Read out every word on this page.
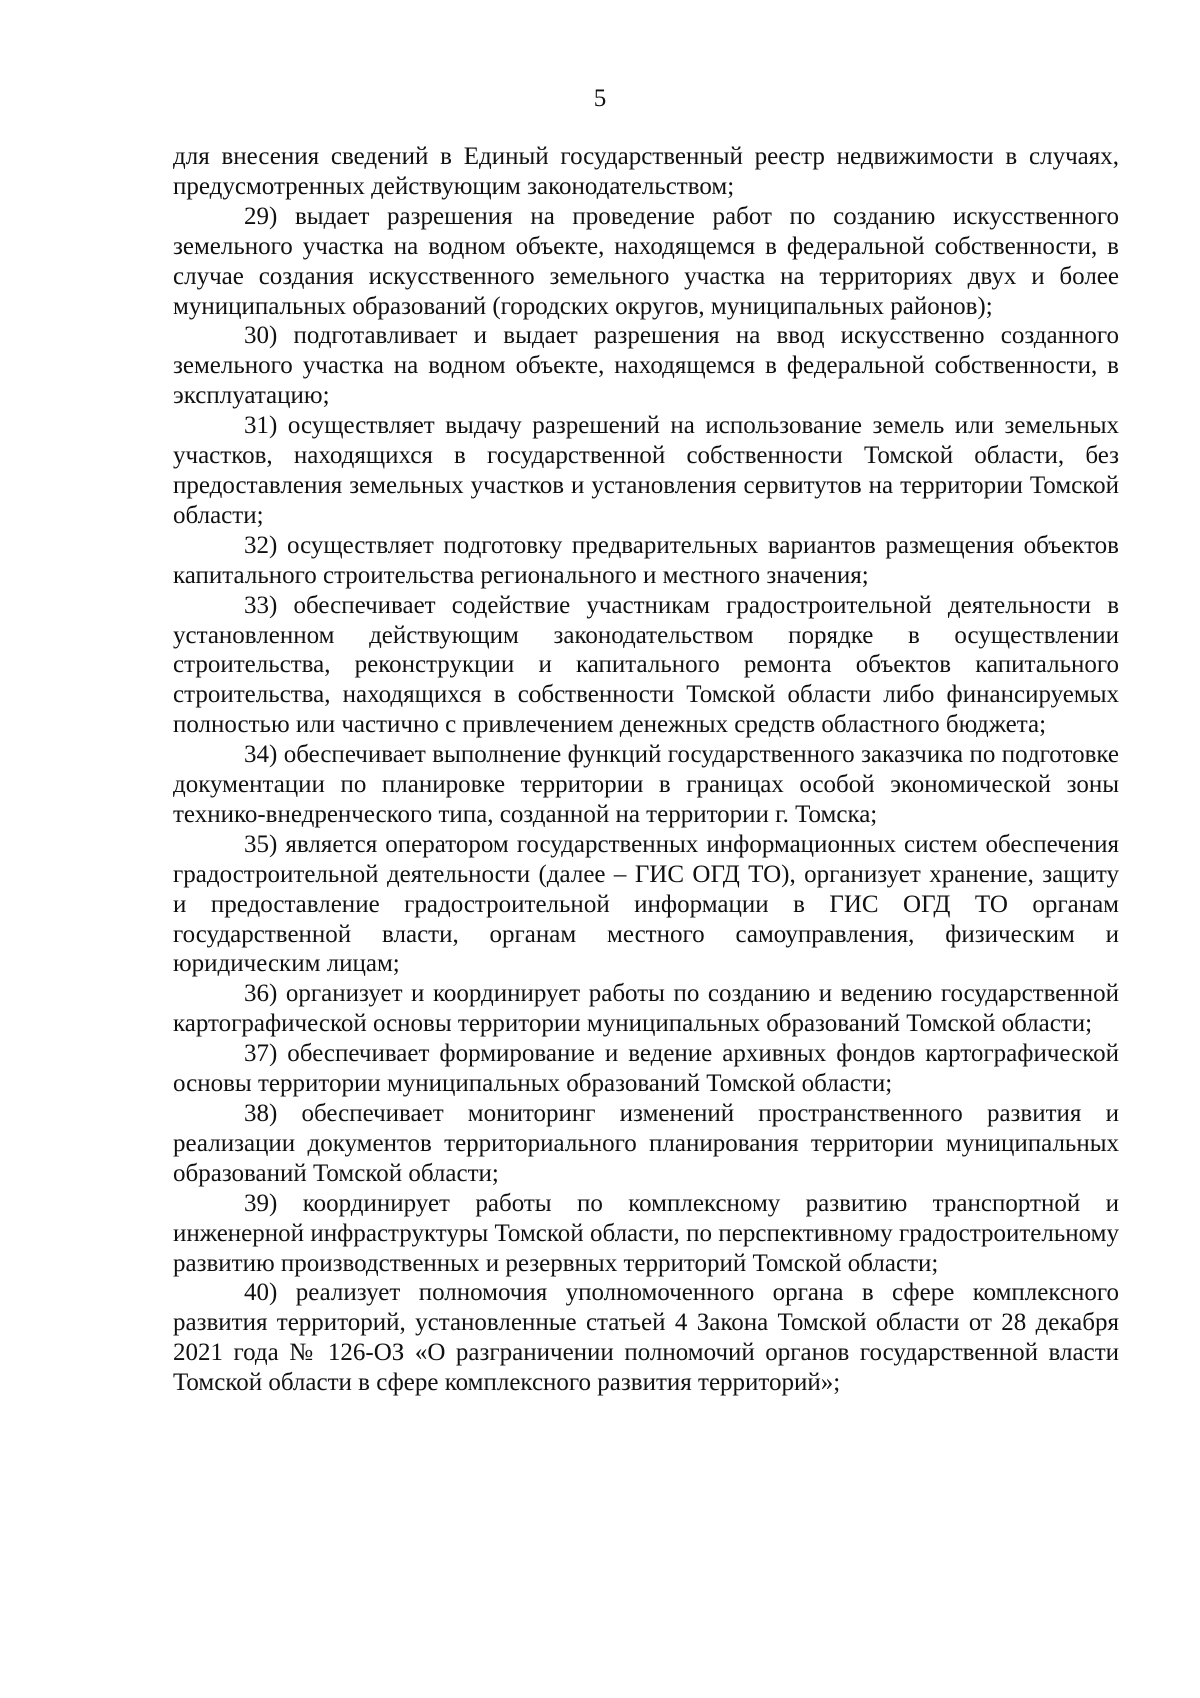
5

для внесения сведений в Единый государственный реестр недвижимости в случаях, предусмотренных действующим законодательством;

29) выдает разрешения на проведение работ по созданию искусственного земельного участка на водном объекте, находящемся в федеральной собственности, в случае создания искусственного земельного участка на территориях двух и более муниципальных образований (городских округов, муниципальных районов);

30) подготавливает и выдает разрешения на ввод искусственно созданного земельного участка на водном объекте, находящемся в федеральной собственности, в эксплуатацию;

31) осуществляет выдачу разрешений на использование земель или земельных участков, находящихся в государственной собственности Томской области, без предоставления земельных участков и установления сервитутов на территории Томской области;

32) осуществляет подготовку предварительных вариантов размещения объектов капитального строительства регионального и местного значения;

33) обеспечивает содействие участникам градостроительной деятельности в установленном действующим законодательством порядке в осуществлении строительства, реконструкции и капитального ремонта объектов капитального строительства, находящихся в собственности Томской области либо финансируемых полностью или частично с привлечением денежных средств областного бюджета;

34) обеспечивает выполнение функций государственного заказчика по подготовке документации по планировке территории в границах особой экономической зоны технико-внедренческого типа, созданной на территории г. Томска;

35) является оператором государственных информационных систем обеспечения градостроительной деятельности (далее – ГИС ОГД ТО), организует хранение, защиту и предоставление градостроительной информации в ГИС ОГД ТО органам государственной власти, органам местного самоуправления, физическим и юридическим лицам;

36) организует и координирует работы по созданию и ведению государственной картографической основы территории муниципальных образований Томской области;

37) обеспечивает формирование и ведение архивных фондов картографической основы территории муниципальных образований Томской области;

38) обеспечивает мониторинг изменений пространственного развития и реализации документов территориального планирования территории муниципальных образований Томской области;

39) координирует работы по комплексному развитию транспортной и инженерной инфраструктуры Томской области, по перспективному градостроительному развитию производственных и резервных территорий Томской области;

40) реализует полномочия уполномоченного органа в сфере комплексного развития территорий, установленные статьей 4 Закона Томской области от 28 декабря 2021 года № 126-ОЗ «О разграничении полномочий органов государственной власти Томской области в сфере комплексного развития территорий»;
